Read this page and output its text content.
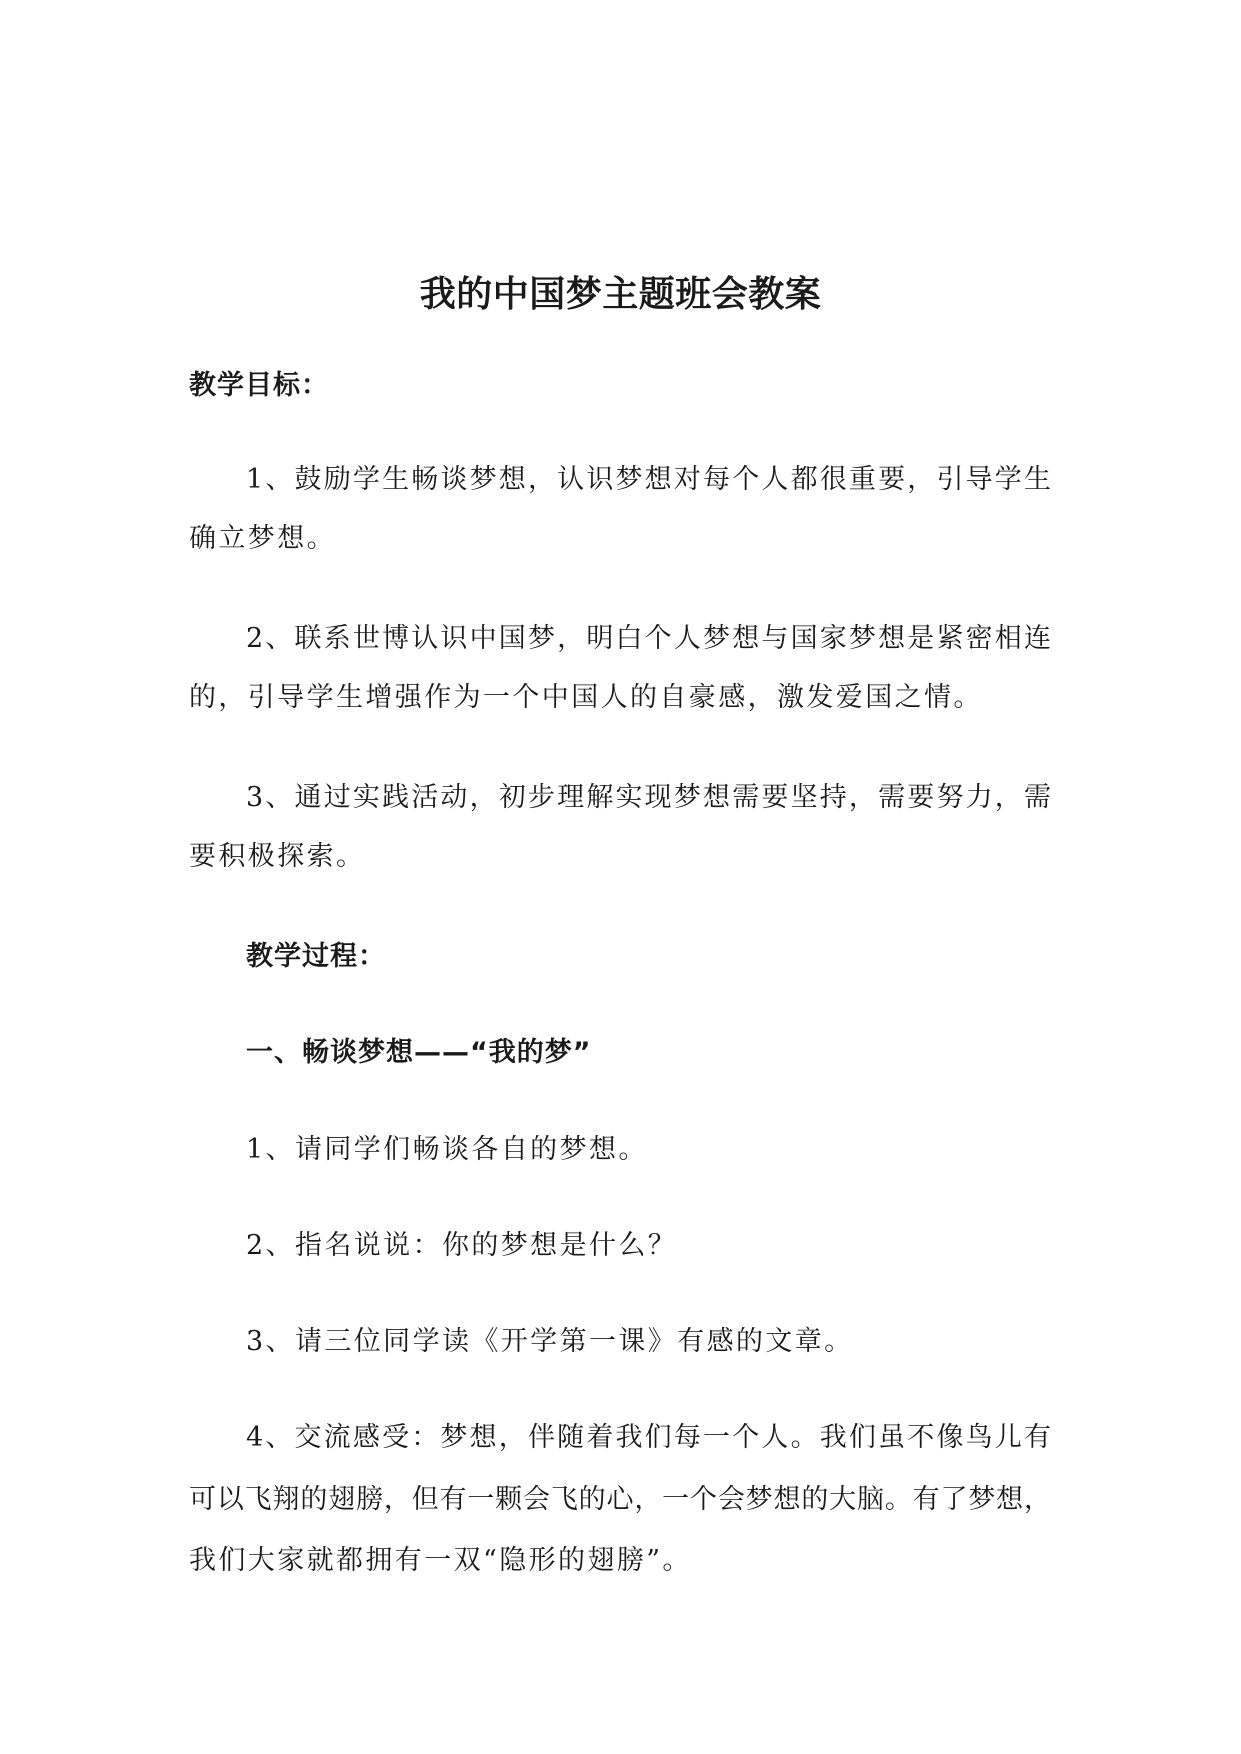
我的中国梦主题班会教案
教学目标：
1、鼓励学生畅谈梦想，认识梦想对每个人都很重要，引导学生
确立梦想。
2、联系世博认识中国梦，明白个人梦想与国家梦想是紧密相连
的，引导学生增强作为一个中国人的自豪感，激发爱国之情。
3、通过实践活动，初步理解实现梦想需要坚持，需要努力，需
要积极探索。
教学过程：
一、畅谈梦想——“我的梦”
1、请同学们畅谈各自的梦想。
2、指名说说：你的梦想是什么？
3、请三位同学读《开学第一课》有感的文章。
4、交流感受：梦想，伴随着我们每一个人。我们虽不像鸟儿有
可以飞翔的翅膀，但有一颗会飞的心，一个会梦想的大脑。有了梦想，
我们大家就都拥有一双“隐形的翅膀”。
